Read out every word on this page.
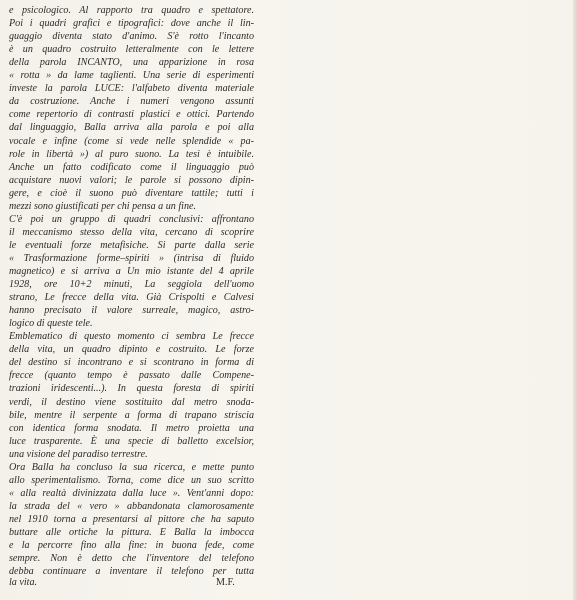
e psicologico. Al rapporto tra quadro e spettatore.
Poi i quadri grafici e tipografici: dove anche il lin-
guaggio diventa stato d'animo. S'è rotto l'incanto
è un quadro costruito letteralmente con le lettere
della parola INCANTO, una apparizione in rosa
« rotta » da lame taglienti. Una serie di esperimenti
investe la parola LUCE: l'alfabeto diventa materiale
da costruzione. Anche i numeri vengono assunti
come repertorio di contrasti plastici e ottici. Partendo
dal linguaggio, Balla arriva alla parola e poi alla
vocale e infine (come si vede nelle splendide « pa-
role in libertà ») al puro suono. La tesi è intuibile.
Anche un fatto codificato come il linguaggio può
acquistare nuovi valori; le parole si possono dipin-
gere, e cioè il suono può diventare tattile; tutti i
mezzi sono giustificati per chi pensa a un fine.
C'è poi un gruppo di quadri conclusivi: affrontano
il meccanismo stesso della vita, cercano di scoprire
le eventuali forze metafisiche. Si parte dalla serie
« Trasformazione forme–spiriti » (intrisa di fluido
magnetico) e si arriva a Un mio istante del 4 aprile
1928, ore 10+2 minuti, La seggiola dell'uomo
strano, Le frecce della vita. Già Crispolti e Calvesi
hanno precisato il valore surreale, magico, astro-
logico di queste tele.
Emblematico di questo momento ci sembra Le frecce
della vita, un quadro dipinto e costruito. Le forze
del destino si incontrano e si scontrano in forma di
frecce (quanto tempo è passato dalle Compene-
trazioni iridescenti...). In questa foresta di spiriti
verdi, il destino viene sostituito dal metro snoda-
bile, mentre il serpente a forma di trapano striscia
con identica forma snodata. Il metro proietta una
luce trasparente. È una specie di balletto excelsior,
una visione del paradiso terrestre.
Ora Balla ha concluso la sua ricerca, e mette punto
allo sperimentalismo. Torna, come dice un suo scritto
« alla realtà divinizzata dalla luce ». Vent'anni dopo:
la strada del « vero » abbandonata clamorosamente
nel 1910 torna a presentarsi al pittore che ha saputo
buttare alle ortiche la pittura. E Balla la imbocca
e la percorre fino alla fine: in buona fede, come
sempre. Non è detto che l'inventore del telefono
debba continuare a inventare il telefono per tutta
la vita.	M.F.
